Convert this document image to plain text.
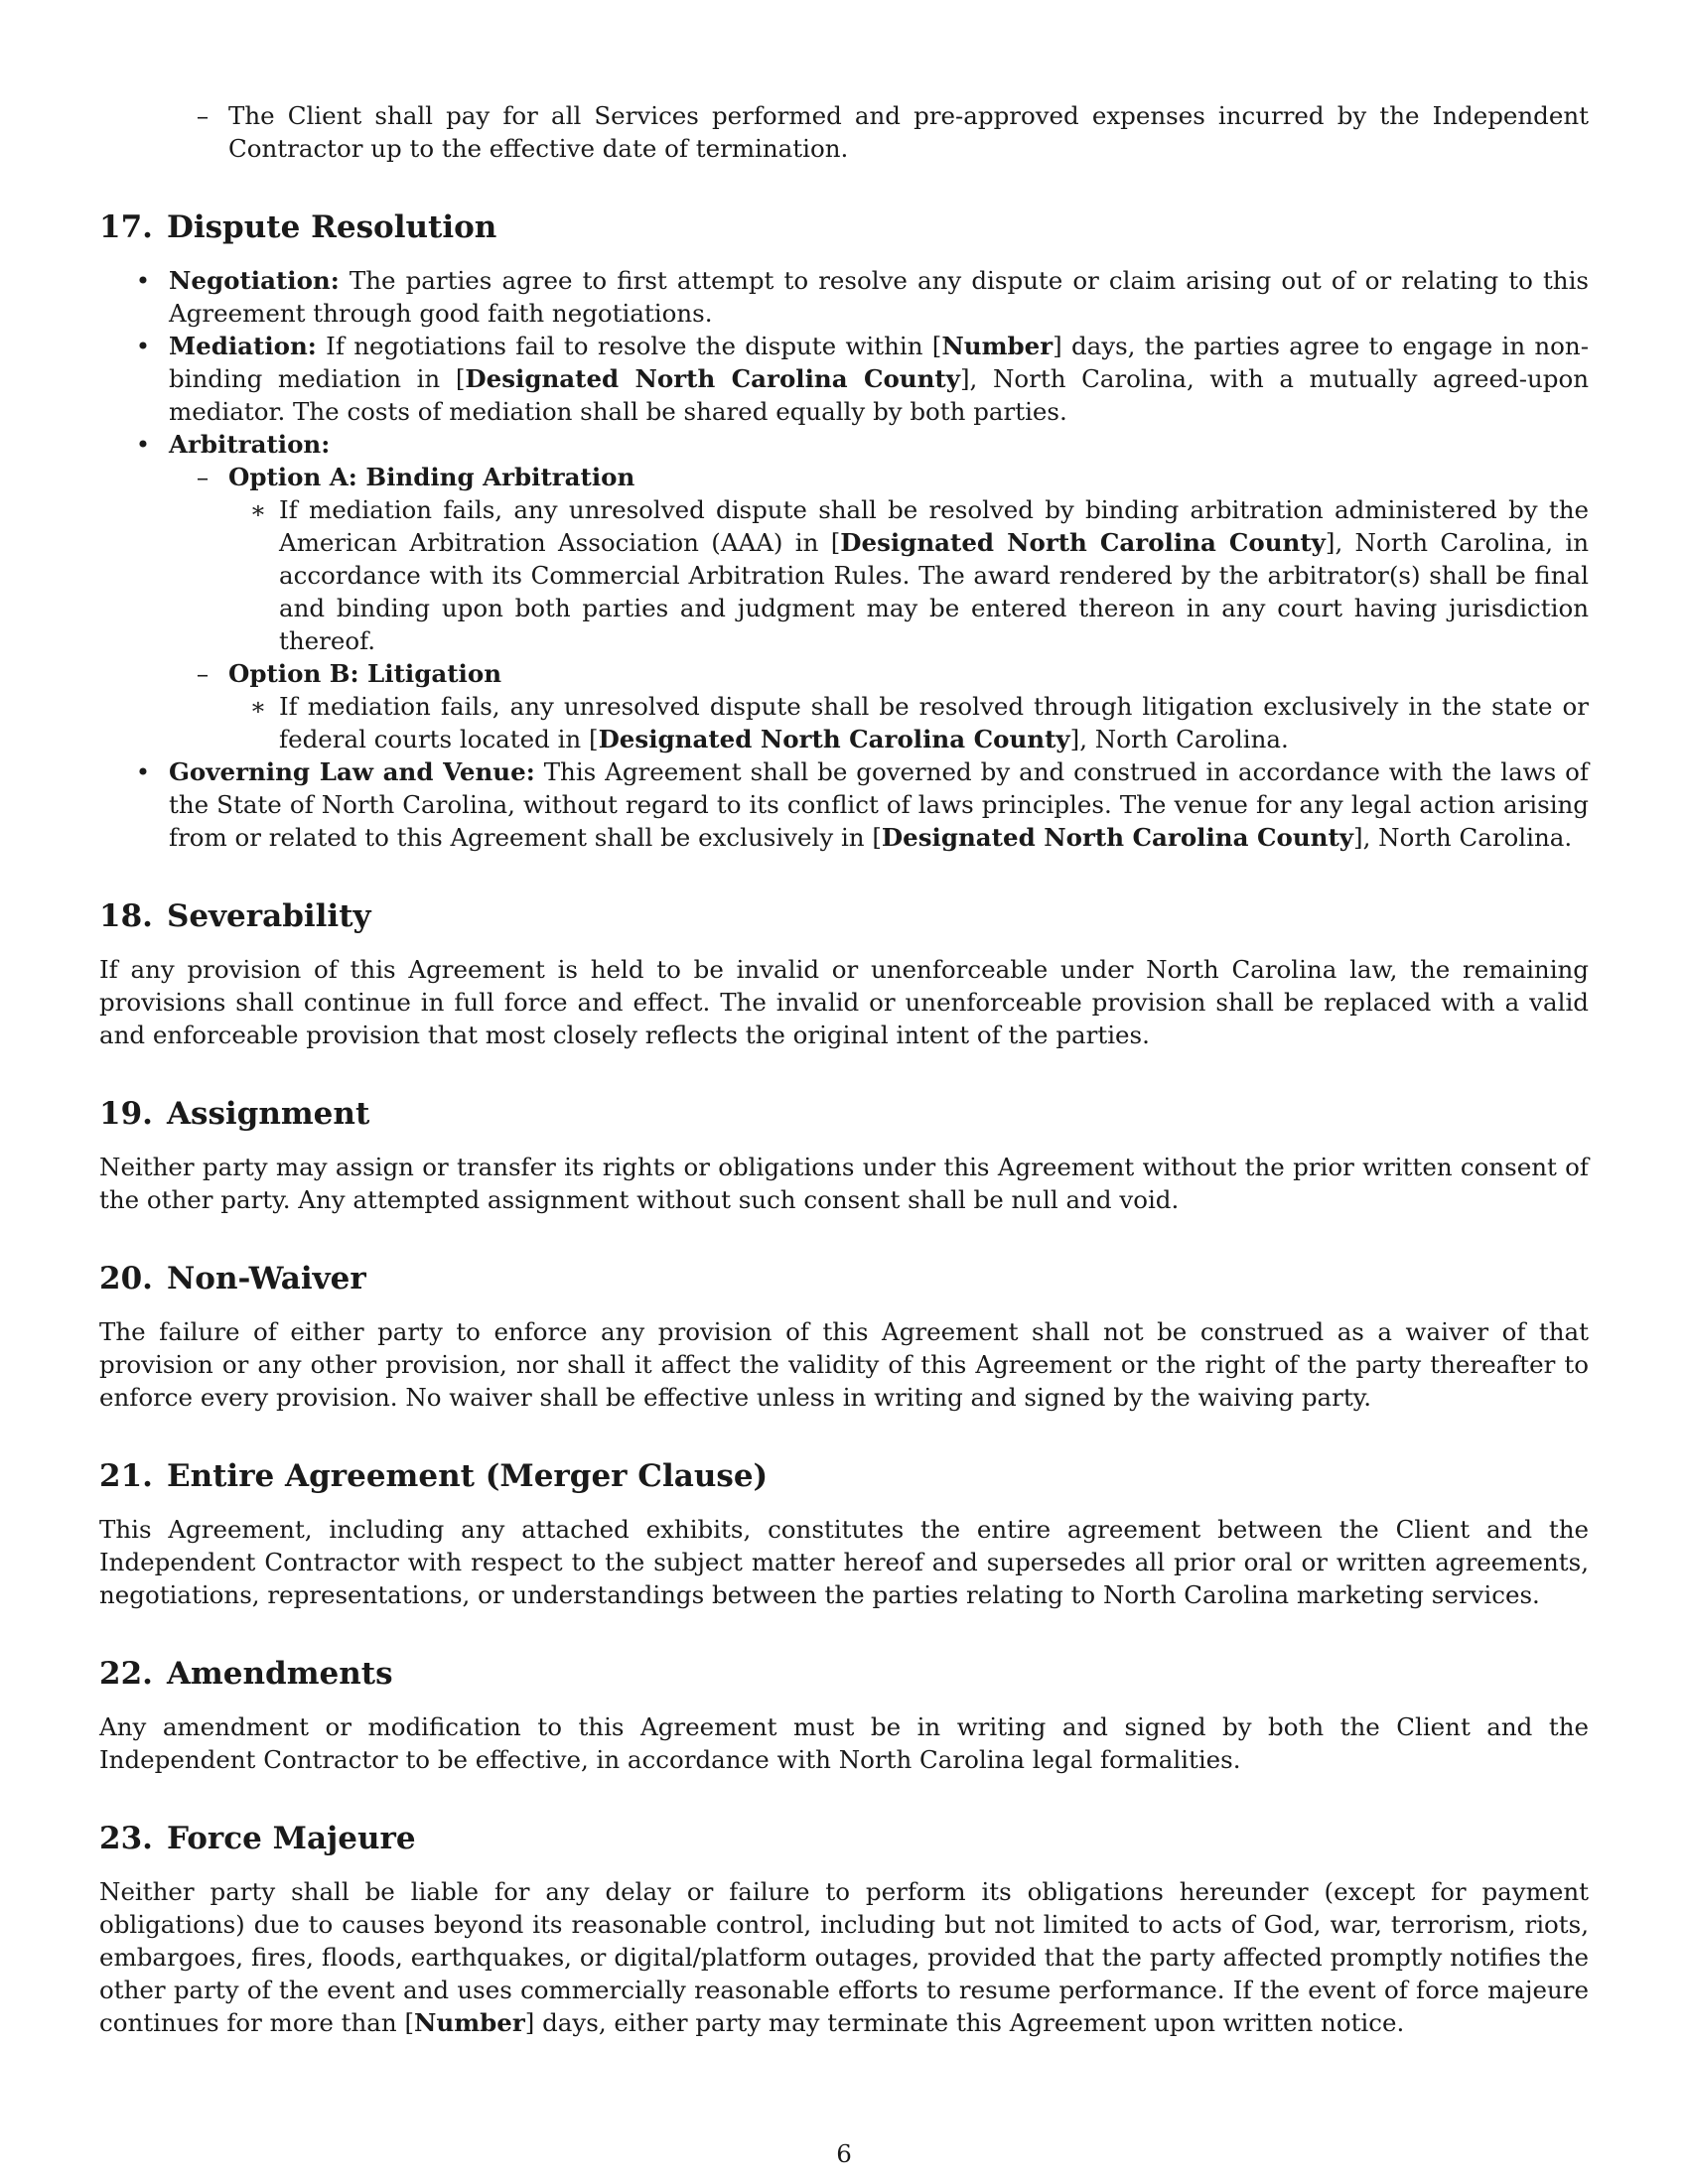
– The Client shall pay for all Services performed and pre-approved expenses incurred by the Independent Contractor up to the effective date of termination.
17. Dispute Resolution
• Negotiation: The parties agree to first attempt to resolve any dispute or claim arising out of or relating to this Agreement through good faith negotiations.
• Mediation: If negotiations fail to resolve the dispute within [Number] days, the parties agree to engage in non-binding mediation in [Designated North Carolina County], North Carolina, with a mutually agreed-upon mediator. The costs of mediation shall be shared equally by both parties.
• Arbitration:
– Option A: Binding Arbitration
∗ If mediation fails, any unresolved dispute shall be resolved by binding arbitration administered by the American Arbitration Association (AAA) in [Designated North Carolina County], North Carolina, in accordance with its Commercial Arbitration Rules. The award rendered by the arbitrator(s) shall be final and binding upon both parties and judgment may be entered thereon in any court having jurisdiction thereof.
– Option B: Litigation
∗ If mediation fails, any unresolved dispute shall be resolved through litigation exclusively in the state or federal courts located in [Designated North Carolina County], North Carolina.
• Governing Law and Venue: This Agreement shall be governed by and construed in accordance with the laws of the State of North Carolina, without regard to its conflict of laws principles. The venue for any legal action arising from or related to this Agreement shall be exclusively in [Designated North Carolina County], North Carolina.
18. Severability

If any provision of this Agreement is held to be invalid or unenforceable under North Carolina law, the remaining provisions shall continue in full force and effect. The invalid or unenforceable provision shall be replaced with a valid and enforceable provision that most closely reflects the original intent of the parties.

19. Assignment

Neither party may assign or transfer its rights or obligations under this Agreement without the prior written consent of the other party. Any attempted assignment without such consent shall be null and void.

20. Non-Waiver

The failure of either party to enforce any provision of this Agreement shall not be construed as a waiver of that provision or any other provision, nor shall it affect the validity of this Agreement or the right of the party thereafter to enforce every provision. No waiver shall be effective unless in writing and signed by the waiving party.

21. Entire Agreement (Merger Clause)

This Agreement, including any attached exhibits, constitutes the entire agreement between the Client and the Independent Contractor with respect to the subject matter hereof and supersedes all prior oral or written agreements, negotiations, representations, or understandings between the parties relating to North Carolina marketing services.

22. Amendments

Any amendment or modification to this Agreement must be in writing and signed by both the Client and the Independent Contractor to be effective, in accordance with North Carolina legal formalities.

23. Force Majeure

Neither party shall be liable for any delay or failure to perform its obligations hereunder (except for payment obligations) due to causes beyond its reasonable control, including but not limited to acts of God, war, terrorism, riots, embargoes, fires, floods, earthquakes, or digital/platform outages, provided that the party affected promptly notifies the other party of the event and uses commercially reasonable efforts to resume performance. If the event of force majeure continues for more than [Number] days, either party may terminate this Agreement upon written notice.

6
